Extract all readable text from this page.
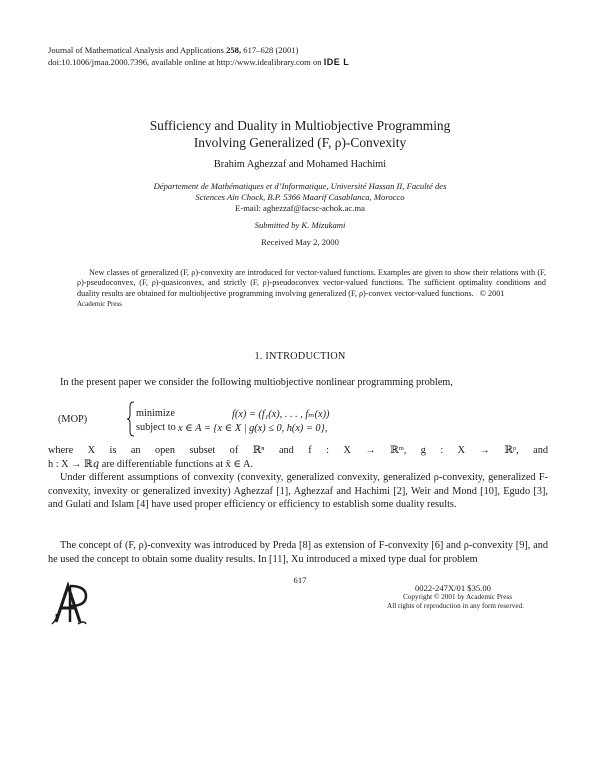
Journal of Mathematical Analysis and Applications 258, 617–628 (2001)
doi:10.1006/jmaa.2000.7396, available online at http://www.idealibrary.com on IDE L
Sufficiency and Duality in Multiobjective Programming
Involving Generalized (F, ρ)-Convexity
Brahim Aghezzaf and Mohamed Hachimi
Département de Mathématiques et d’Informatique, Université Hassan II, Faculté des
Sciences Aïn Chock, B.P. 5366 Maarif Casablanca, Morocco
E-mail: aghezzaf@facsc-achok.ac.ma
Submitted by K. Mizukami
Received May 2, 2000
New classes of generalized (F, ρ)-convexity are introduced for vector-valued functions. Examples are given to show their relations with (F, ρ)-pseudoconvex, (F, ρ)-quasiconvex, and strictly (F, ρ)-pseudoconvex vector-valued functions. The sufficient optimality conditions and duality results are obtained for multiobjective programming involving generalized (F, ρ)-convex vector-valued functions. © 2001
Academic Press
1. INTRODUCTION
In the present paper we consider the following multiobjective nonlinear programming problem,
(MOP)
minimize
subject to
f(x) = (f₁(x), . . . , fₘ(x))
x ∈ A = {x ∈ X | g(x) ≤ 0, h(x) = 0},
where X is an open subset of ℝⁿ and f : X → ℝᵐ, g : X → ℝᵖ, and
h : X → ℝ𝑞 are differentiable functions at x̄ ∈ A.
Under different assumptions of convexity (convexity, generalized convexity, generalized ρ-convexity, generalized F-convexity, invexity or generalized invexity) Aghezzaf [1], Aghezzaf and Hachimi [2], Weir and Mond [10], Egudo [3], and Gulati and Islam [4] have used proper efficiency or efficiency to establish some duality results.
The concept of (F, ρ)-convexity was introduced by Preda [8] as extension of F-convexity [6] and ρ-convexity [9], and he used the concept to obtain some duality results. In [11], Xu introduced a mixed type dual for problem
617
0022-247X/01 $35.00
Copyright © 2001 by Academic Press
All rights of reproduction in any form reserved.
